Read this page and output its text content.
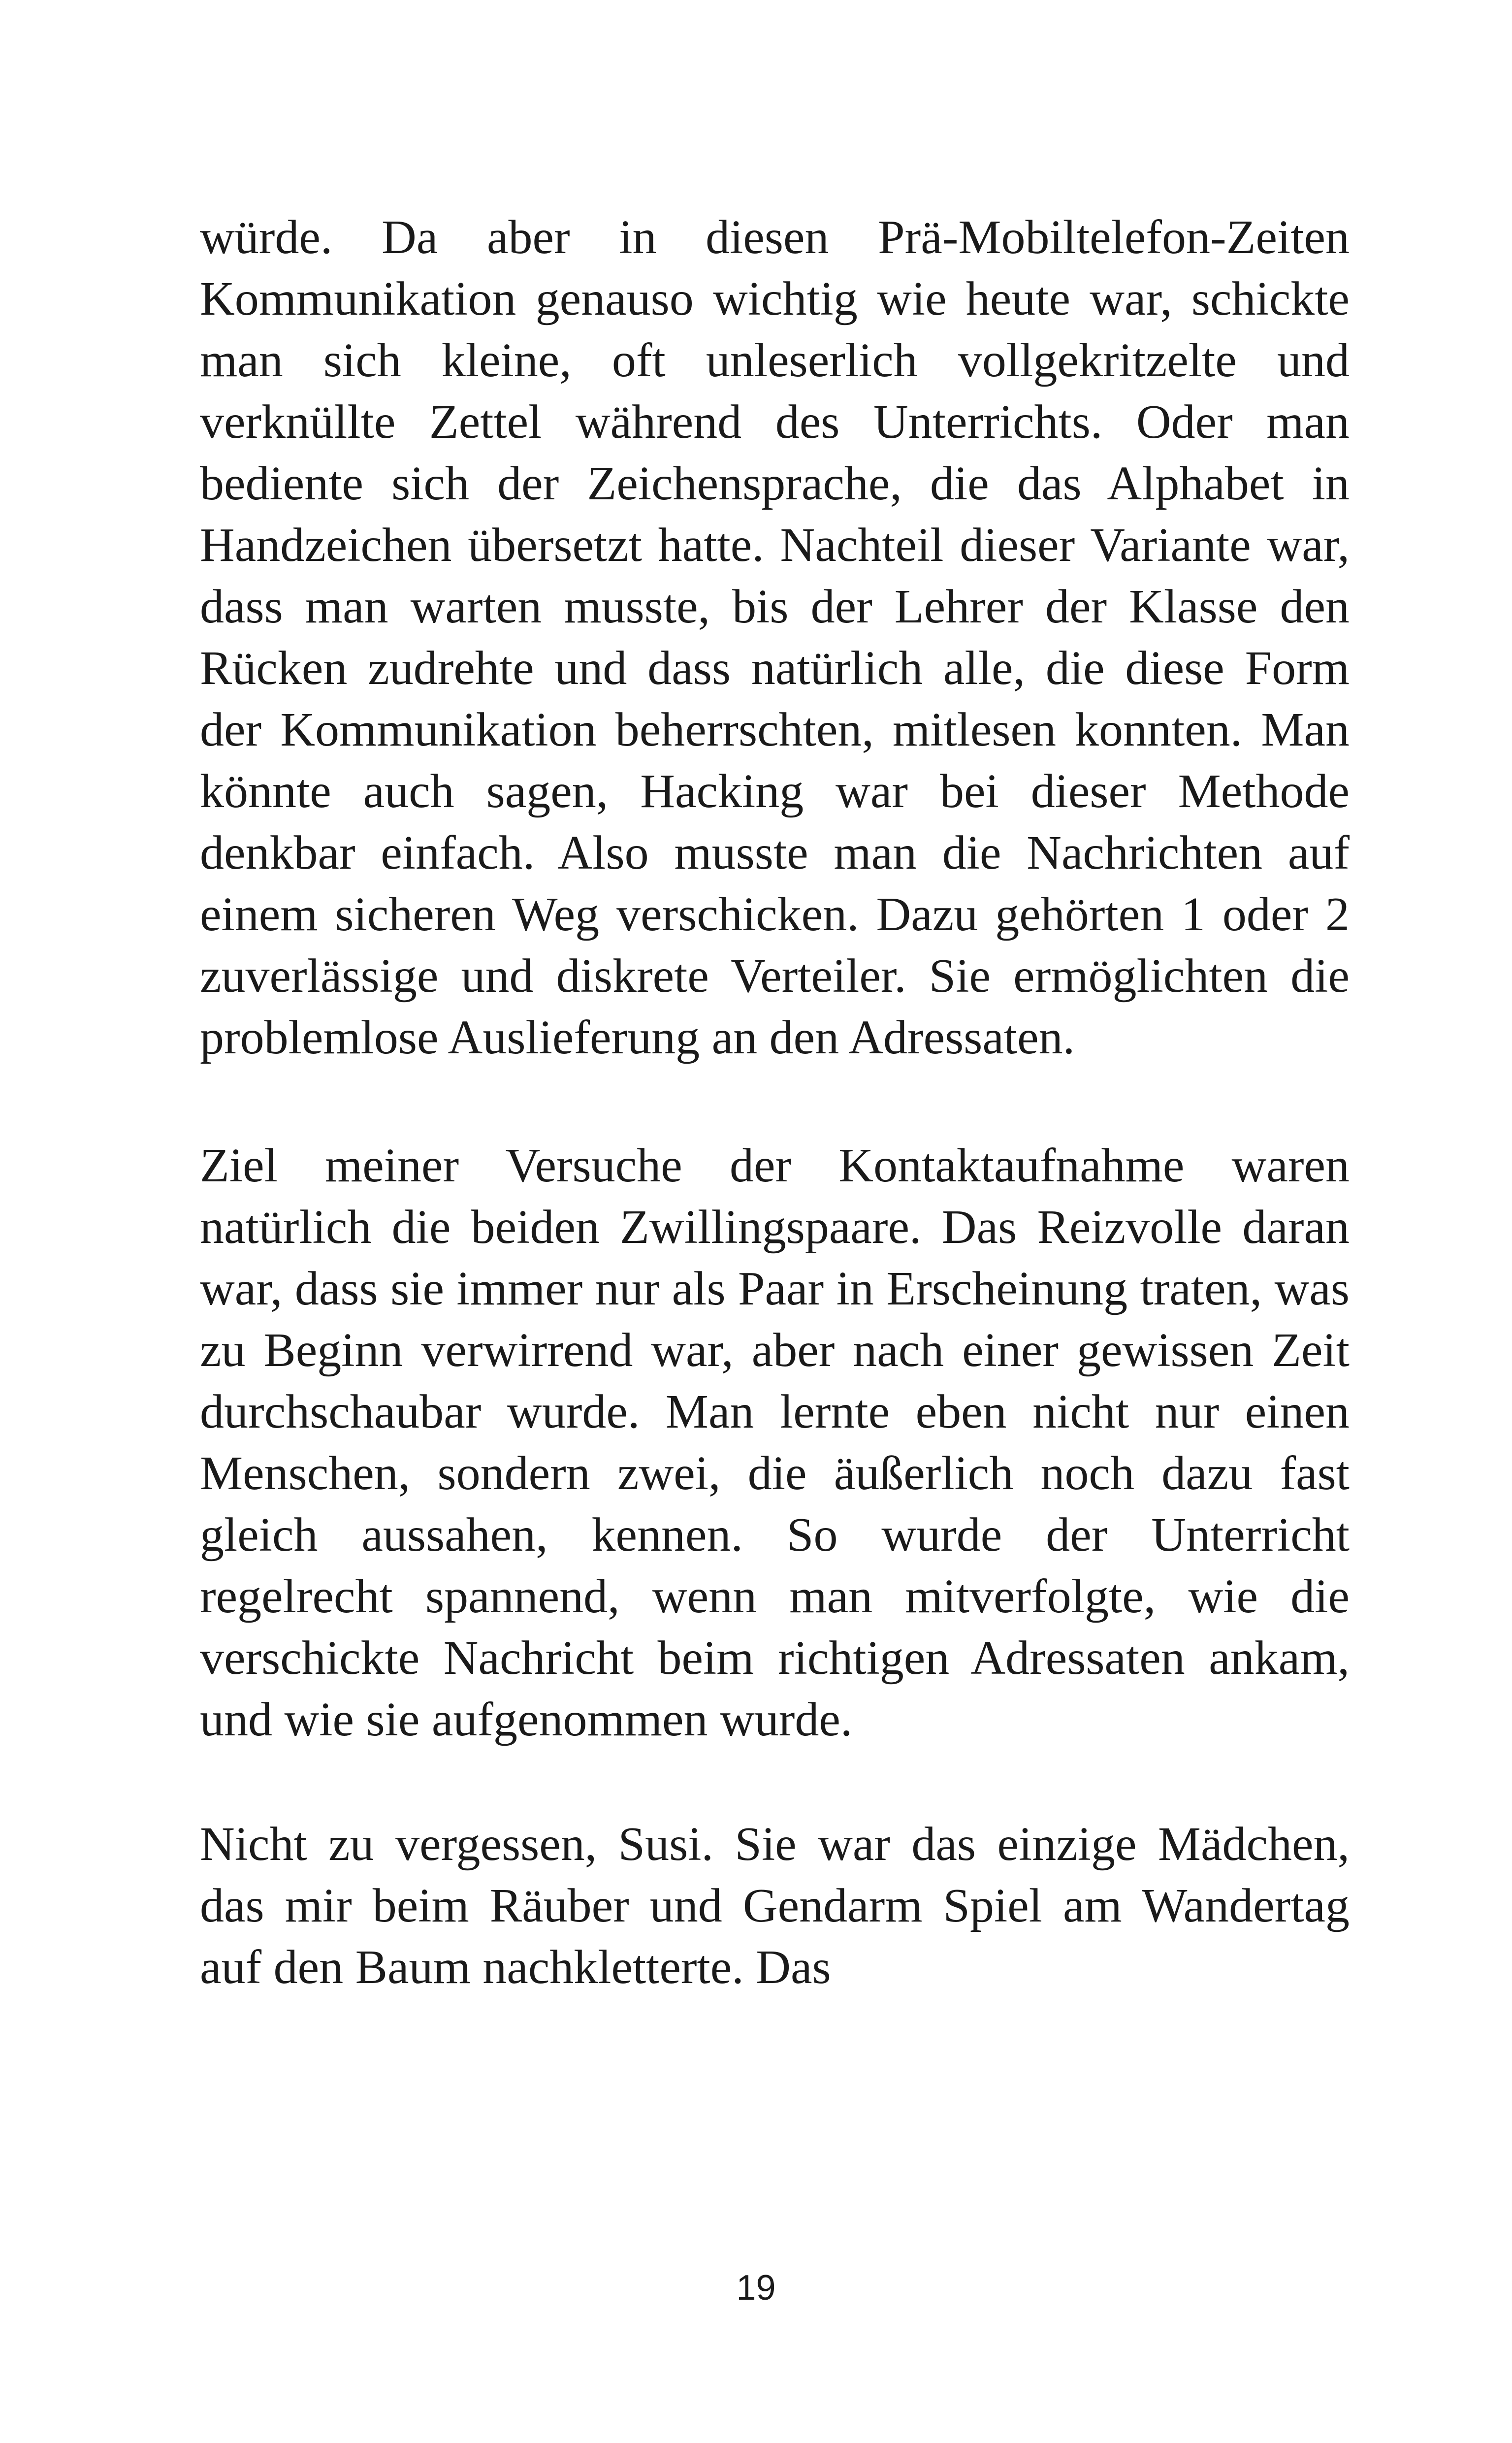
würde. Da aber in diesen Prä-Mobiltelefon-Zeiten Kommunikation genauso wichtig wie heute war, schickte man sich kleine, oft unleserlich vollgekritzelte und verknüllte Zettel während des Unterrichts. Oder man bediente sich der Zeichensprache, die das Alphabet in Handzeichen übersetzt hatte. Nachteil dieser Variante war, dass man warten musste, bis der Lehrer der Klasse den Rücken zudrehte und dass natürlich alle, die diese Form der Kommunikation beherrschten, mitlesen konnten. Man könnte auch sagen, Hacking war bei dieser Methode denkbar einfach. Also musste man die Nachrichten auf einem sicheren Weg verschicken. Dazu gehörten 1 oder 2 zuverlässige und diskrete Verteiler. Sie ermöglichten die problemlose Auslieferung an den Adressaten.

Ziel meiner Versuche der Kontaktaufnahme waren natürlich die beiden Zwillingspaare. Das Reizvolle daran war, dass sie immer nur als Paar in Erscheinung traten, was zu Beginn verwirrend war, aber nach einer gewissen Zeit durchschaubar wurde. Man lernte eben nicht nur einen Menschen, sondern zwei, die äußerlich noch dazu fast gleich aussahen, kennen. So wurde der Unterricht regelrecht spannend, wenn man mitverfolgte, wie die verschickte Nachricht beim richtigen Adressaten ankam, und wie sie aufgenommen wurde.

Nicht zu vergessen, Susi. Sie war das einzige Mädchen, das mir beim Räuber und Gendarm Spiel am Wandertag auf den Baum nachkletterte. Das

19
